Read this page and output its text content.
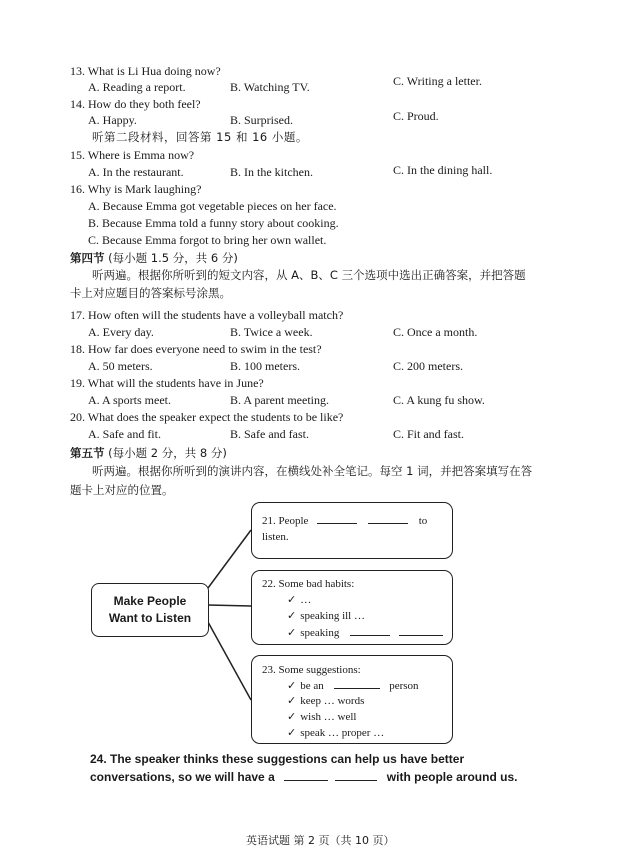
13. What is Li Hua doing now?
A. Reading a report.	B. Watching TV.	C. Writing a letter.
14. How do they both feel?
A. Happy.	B. Surprised.	C. Proud.
听第二段材料，回答第 15 和 16 小题。
15. Where is Emma now?
A. In the restaurant.	B. In the kitchen.	C. In the dining hall.
16. Why is Mark laughing?
A. Because Emma got vegetable pieces on her face.
B. Because Emma told a funny story about cooking.
C. Because Emma forgot to bring her own wallet.
第四节 (每小题 1.5 分，共 6 分)
听两遍。根据你所听到的短文内容，从 A、B、C 三个选项中选出正确答案，并把答题
卡上对应题目的答案标号涂黑。
17. How often will the students have a volleyball match?
A. Every day.	B. Twice a week.	C. Once a month.
18. How far does everyone need to swim in the test?
A. 50 meters.	B. 100 meters.	C. 200 meters.
19. What will the students have in June?
A. A sports meet.	B. A parent meeting.	C. A kung fu show.
20. What does the speaker expect the students to be like?
A. Safe and fit.	B. Safe and fast.	C. Fit and fast.
第五节 (每小题 2 分，共 8 分)
听两遍。根据你所听到的演讲内容，在横线处补全笔记。每空 1 词，并把答案填写在答
题卡上对应的位置。
Make People
Want to Listen
21. People	to
listen.
22. Some bad habits:
✓ …
✓ speaking ill …
✓ speaking
23. Some suggestions:
✓ be an	person
✓ keep … words
✓ wish … well
✓ speak … proper …
24. The speaker thinks these suggestions can help us have better
conversations, so we will have a	with people around us.
英语试题 第 2 页（共 10 页）
